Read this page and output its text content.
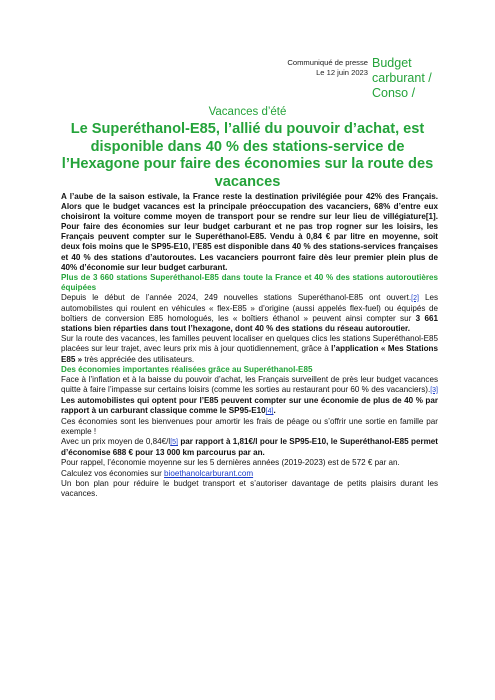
Communiqué de presse
Le 12 juin 2023
Budget carburant / Conso /
Vacances d’été
Le Superéthanol-E85, l’allié du pouvoir d’achat, est disponible dans 40 % des stations-service de l’Hexagone pour faire des économies sur la route des vacances

A l’aube de la saison estivale, la France reste la destination privilégiée pour 42% des Français. Alors que le budget vacances est la principale préoccupation des vacanciers, 68% d’entre eux choisiront la voiture comme moyen de transport pour se rendre sur leur lieu de villégiature[1]. Pour faire des économies sur leur budget carburant et ne pas trop rogner sur les loisirs, les Français peuvent compter sur le Superéthanol-E85. Vendu à 0,84 € par litre en moyenne, soit deux fois moins que le SP95-E10, l’E85 est disponible dans 40 % des stations-services françaises et 40 % des stations d’autoroutes. Les vacanciers pourront faire dès leur premier plein plus de 40% d’économie sur leur budget carburant.

Plus de 3 660 stations Superéthanol-E85 dans toute la France et 40 % des stations autoroutières équipées

Depuis le début de l’année 2024, 249 nouvelles stations Superéthanol-E85 ont ouvert.[2] Les automobilistes qui roulent en véhicules « flex-E85 » d’origine (aussi appelés flex-fuel) ou équipés de boîtiers de conversion E85 homologués, les « boîtiers éthanol » peuvent ainsi compter sur 3 661 stations bien réparties dans tout l’hexagone, dont 40 % des stations du réseau autoroutier.

Sur la route des vacances, les familles peuvent localiser en quelques clics les stations Superéthanol-E85 placées sur leur trajet, avec leurs prix mis à jour quotidiennement, grâce à l’application « Mes Stations E85 » très appréciée des utilisateurs.

Des économies importantes réalisées grâce au Superéthanol-E85

Face à l’inflation et à la baisse du pouvoir d’achat, les Français surveillent de près leur budget vacances quitte à faire l’impasse sur certains loisirs (comme les sorties au restaurant pour 60 % des vacanciers).[3] Les automobilistes qui optent pour l’E85 peuvent compter sur une économie de plus de 40 % par rapport à un carburant classique comme le SP95-E10[4].

Ces économies sont les bienvenues pour amortir les frais de péage ou s’offrir une sortie en famille par exemple !

Avec un prix moyen de 0,84€/l[5] par rapport à 1,81€/l pour le SP95-E10, le Superéthanol-E85 permet d’économise 688 € pour 13 000 km parcourus par an.

Pour rappel, l’économie moyenne sur les 5 dernières années (2019-2023) est de 572 € par an.

Calculez vos économies sur bioethanolcarburant.com

Un bon plan pour réduire le budget transport et s’autoriser davantage de petits plaisirs durant les vacances.
